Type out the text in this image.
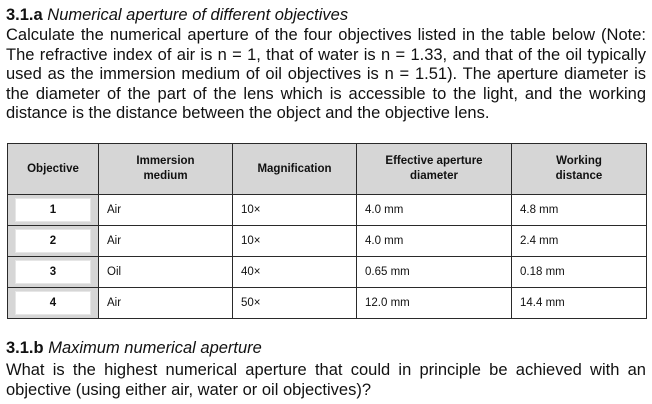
3.1.a Numerical aperture of different objectives
Calculate the numerical aperture of the four objectives listed in the table below (Note: The refractive index of air is n = 1, that of water is n = 1.33, and that of the oil typically used as the immersion medium of oil objectives is n = 1.51). The aperture diameter is the diameter of the part of the lens which is accessible to the light, and the working distance is the distance between the object and the objective lens.
Objective	Immersion medium	Magnification	Effective aperture diameter	Working distance

1	Air	10×	4.0 mm	4.8 mm

2	Air	10×	4.0 mm	2.4 mm

3	Oil	40×	0.65 mm	0.18 mm

4	Air	50×	12.0 mm	14.4 mm
3.1.b Maximum numerical aperture
What is the highest numerical aperture that could in principle be achieved with an objective (using either air, water or oil objectives)?
